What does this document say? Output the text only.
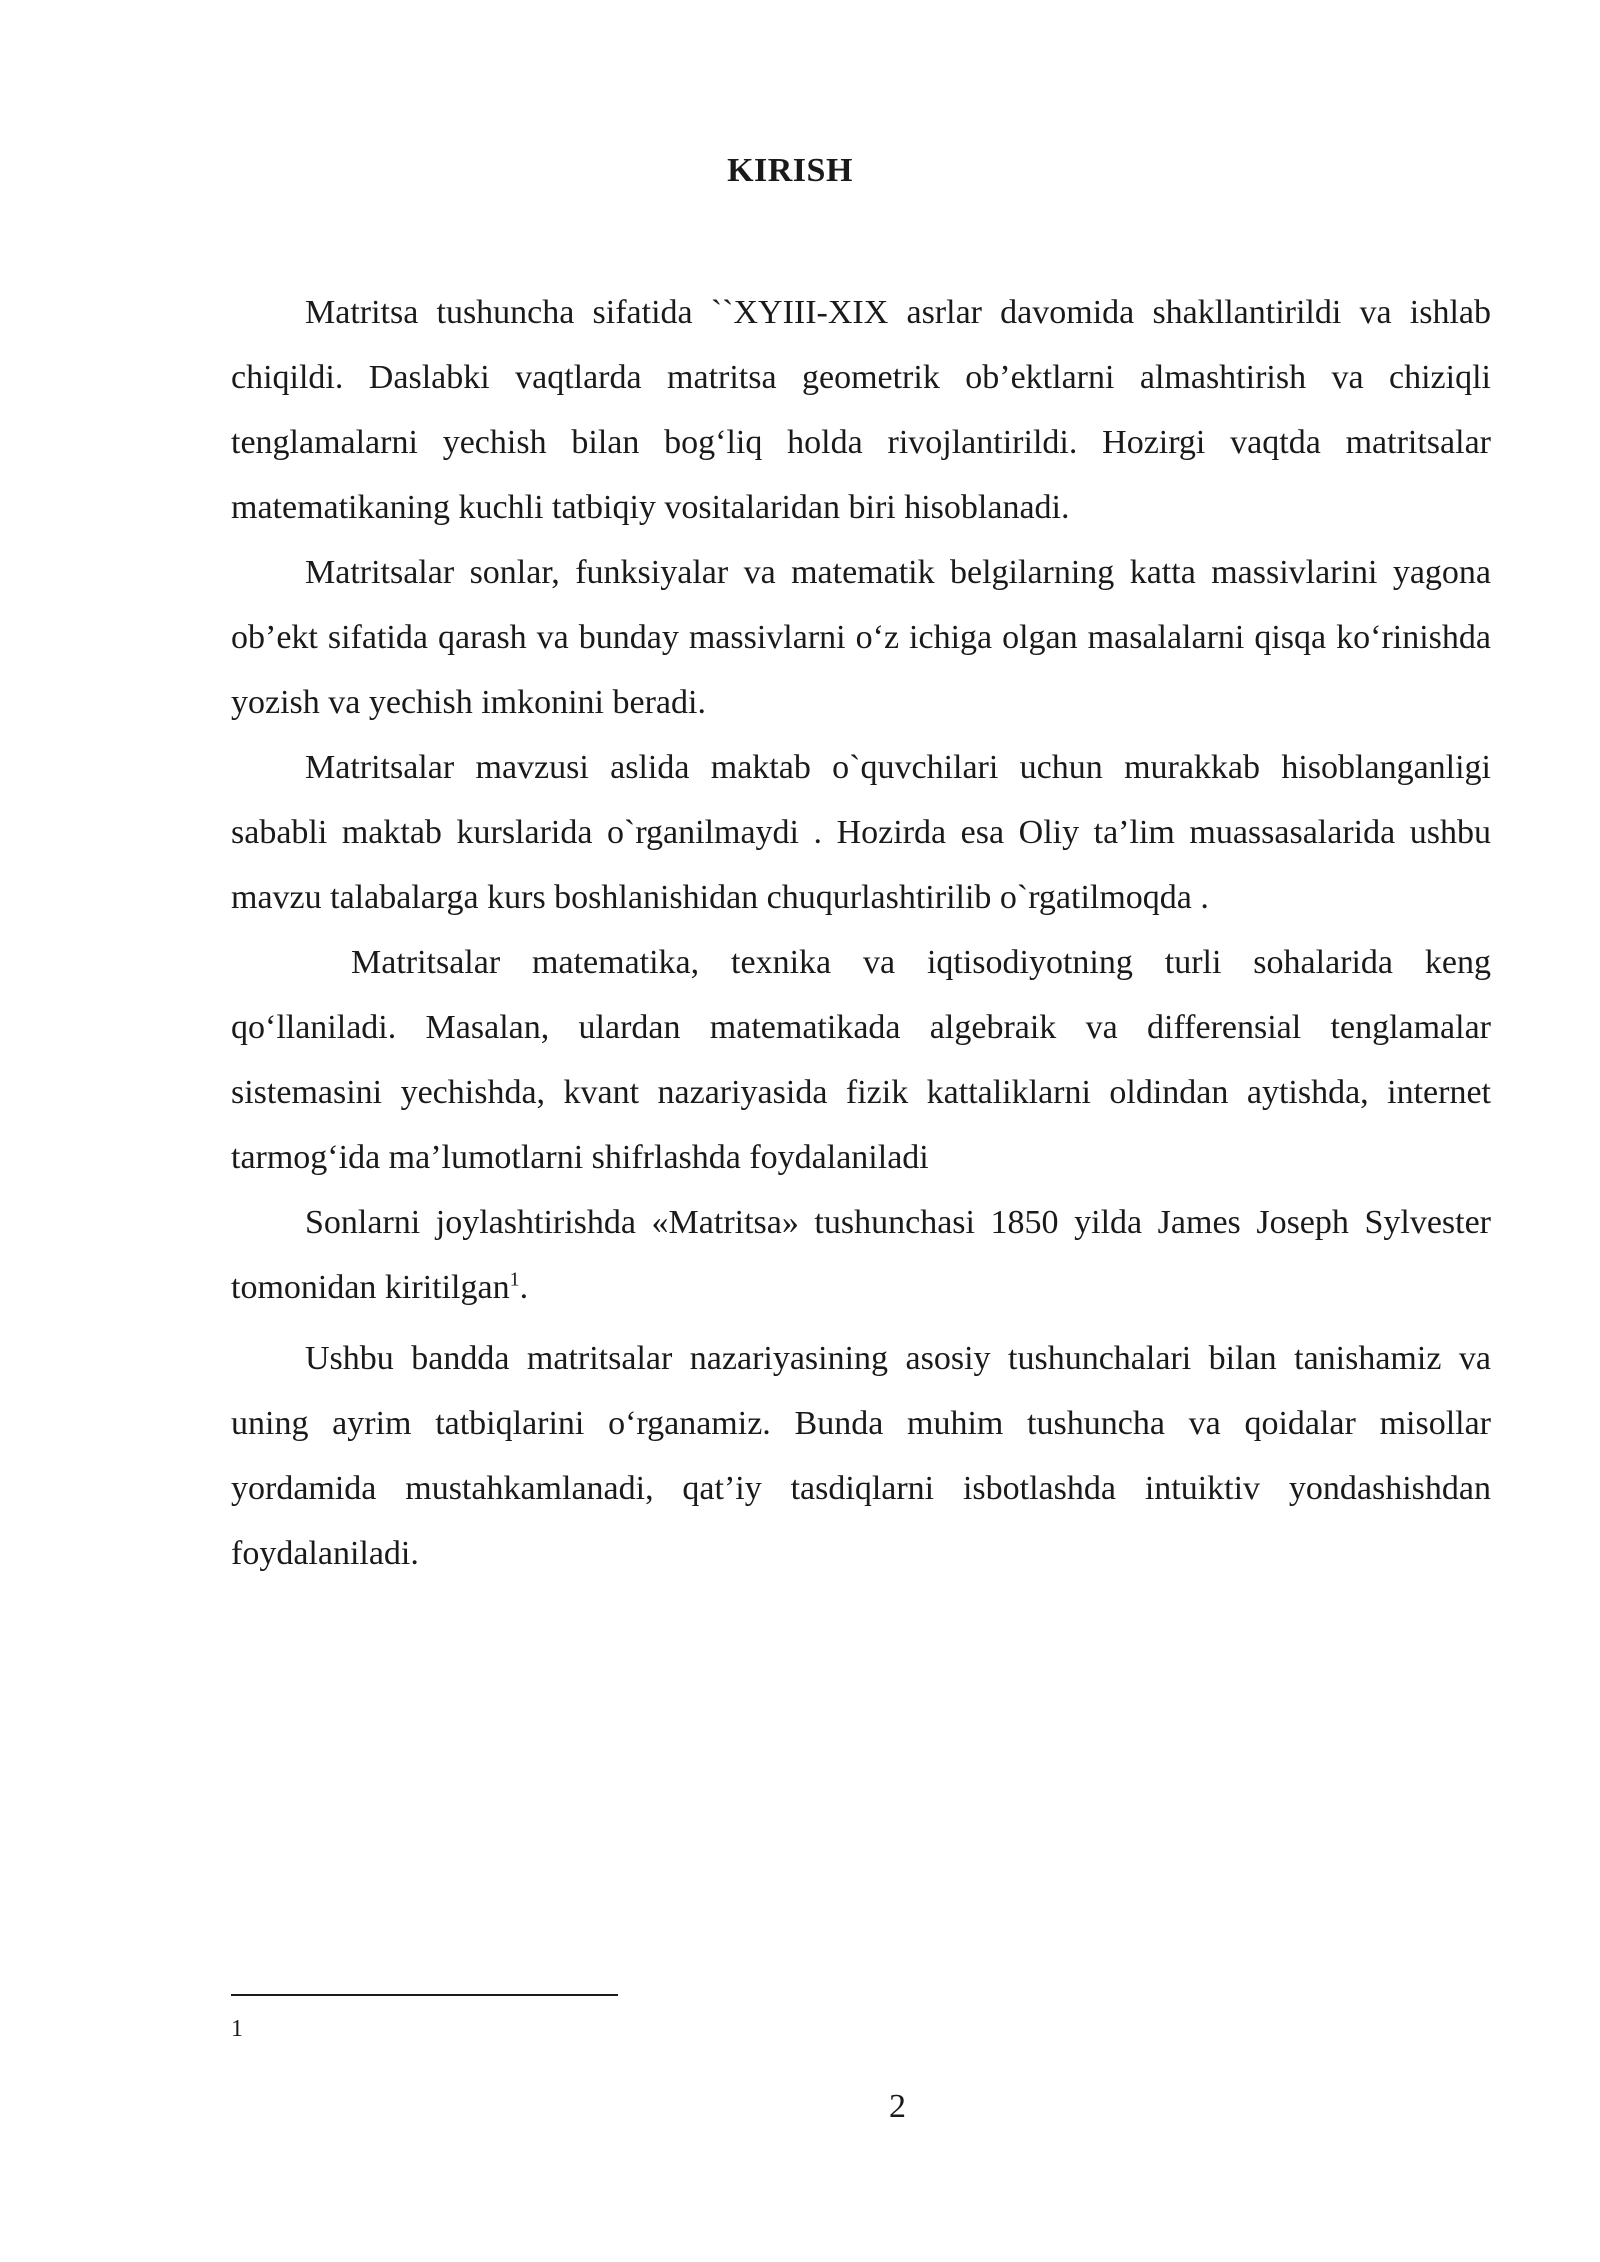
KIRISH

Matritsa tushuncha sifatida ``XYIII-XIX asrlar davomida shakllantirildi va ishlab chiqildi. Daslabki vaqtlarda matritsa geometrik ob’ektlarni almashtirish va chiziqli tenglamalarni yechish bilan bog‘liq holda rivojlantirildi. Hozirgi vaqtda matritsalar matematikaning kuchli tatbiqiy vositalaridan biri hisoblanadi.

Matritsalar sonlar, funksiyalar va matematik belgilarning katta massivlarini yagona ob’ekt sifatida qarash va bunday massivlarni o‘z ichiga olgan masalalarni qisqa ko‘rinishda yozish va yechish imkonini beradi.

Matritsalar mavzusi aslida maktab o`quvchilari uchun murakkab hisoblanganligi sababli maktab kurslarida o`rganilmaydi . Hozirda esa Oliy ta’lim muassasalarida ushbu mavzu talabalarga kurs boshlanishidan chuqurlashtirilib o`rgatilmoqda .

Matritsalar matematika, texnika va iqtisodiyotning turli sohalarida keng qo‘llaniladi. Masalan, ulardan matematikada algebraik va differensial tenglamalar sistemasini yechishda, kvant nazariyasida fizik kattaliklarni oldindan aytishda, internet tarmog‘ida ma’lumotlarni shifrlashda foydalaniladi

Sonlarni joylashtirishda «Matritsa» tushunchasi 1850 yilda James Joseph Sylvester tomonidan kiritilgan$^1$.

Ushbu bandda matritsalar nazariyasining asosiy tushunchalari bilan tanishamiz va uning ayrim tatbiqlarini o‘rganamiz. Bunda muhim tushuncha va qoidalar misollar yordamida mustahkamlanadi, qat’iy tasdiqlarni isbotlashda intuiktiv yondashishdan foydalaniladi.

1
2
